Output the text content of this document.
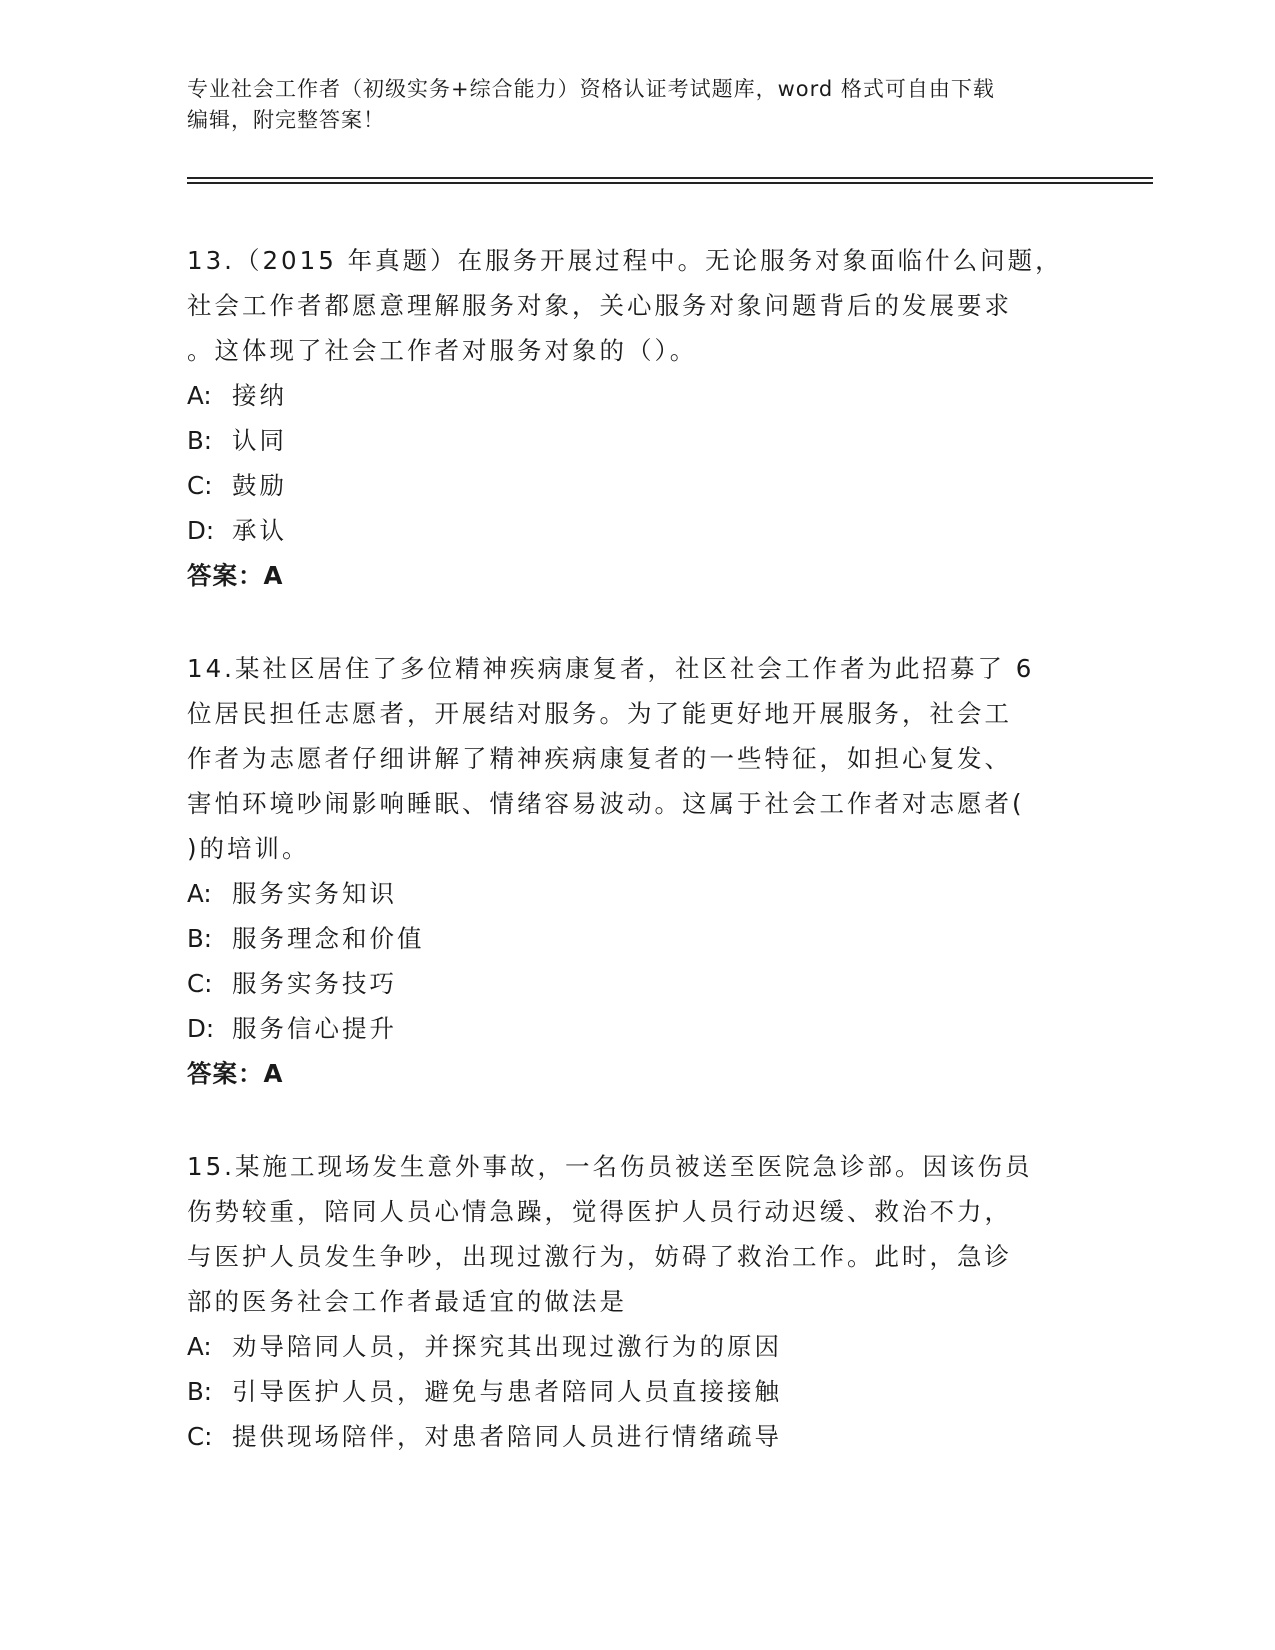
专业社会工作者（初级实务+综合能力）资格认证考试题库，word 格式可自由下载
编辑，附完整答案！
13.（2015 年真题）在服务开展过程中。无论服务对象面临什么问题，
社会工作者都愿意理解服务对象，关心服务对象问题背后的发展要求
。这体现了社会工作者对服务对象的（）。
A: 接纳
B: 认同
C: 鼓励
D: 承认
答案：A
14.某社区居住了多位精神疾病康复者，社区社会工作者为此招募了 6
位居民担任志愿者，开展结对服务。为了能更好地开展服务，社会工
作者为志愿者仔细讲解了精神疾病康复者的一些特征，如担心复发、
害怕环境吵闹影响睡眠、情绪容易波动。这属于社会工作者对志愿者(
)的培训。
A: 服务实务知识
B: 服务理念和价值
C: 服务实务技巧
D: 服务信心提升
答案：A
15.某施工现场发生意外事故，一名伤员被送至医院急诊部。因该伤员
伤势较重，陪同人员心情急躁，觉得医护人员行动迟缓、救治不力，
与医护人员发生争吵，出现过激行为，妨碍了救治工作。此时，急诊
部的医务社会工作者最适宜的做法是
A: 劝导陪同人员，并探究其出现过激行为的原因
B: 引导医护人员，避免与患者陪同人员直接接触
C: 提供现场陪伴，对患者陪同人员进行情绪疏导
